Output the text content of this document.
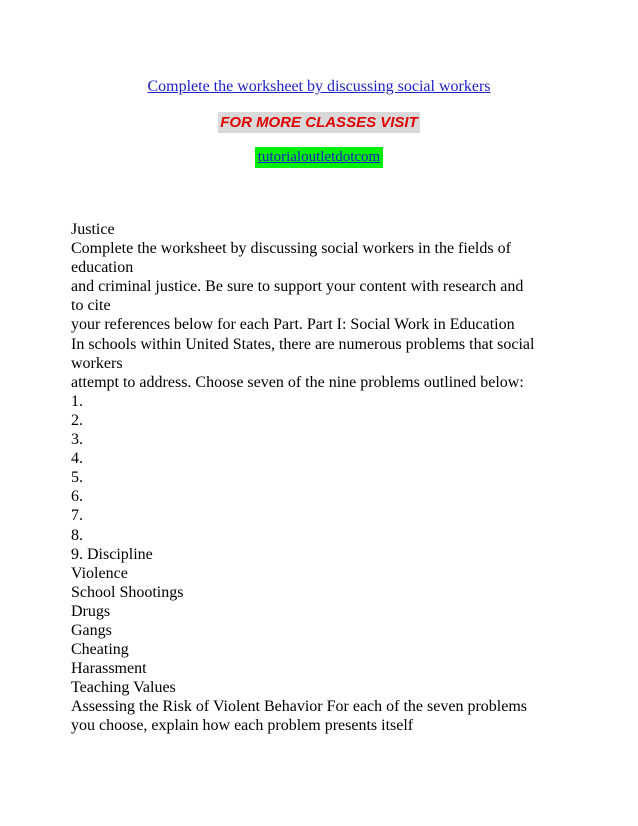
Complete the worksheet by discussing social workers
FOR MORE CLASSES VISIT
tutorialoutletdotcom
Justice
Complete the worksheet by discussing social workers in the fields of
education
and criminal justice. Be sure to support your content with research and
to cite
your references below for each Part. Part I: Social Work in Education
In schools within United States, there are numerous problems that social
workers
attempt to address. Choose seven of the nine problems outlined below:
1.
2.
3.
4.
5.
6.
7.
8.
9. Discipline
Violence
School Shootings
Drugs
Gangs
Cheating
Harassment
Teaching Values
Assessing the Risk of Violent Behavior For each of the seven problems
you choose, explain how each problem presents itself
